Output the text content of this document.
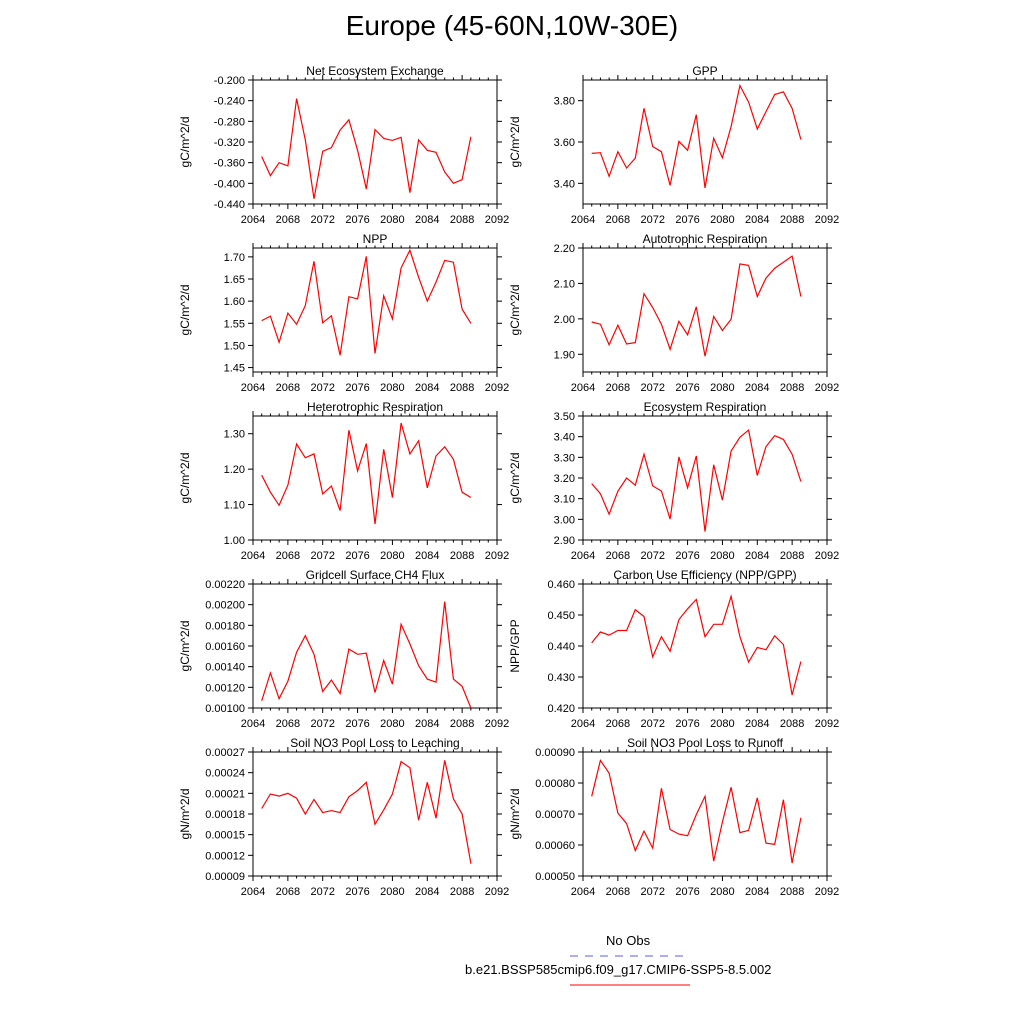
Europe (45-60N,10W-30E)
Net Ecosystem Exchange
-0.440
-0.400
-0.360
-0.320
-0.280
-0.240
-0.200
2064 2068 2072 2076 2080 2084 2088 2092
gC/m^2/d
GPP
3.40
3.60
3.80
2064 2068 2072 2076 2080 2084 2088 2092
gC/m^2/d
NPP
1.45
1.50
1.55
1.60
1.65
1.70
2064 2068 2072 2076 2080 2084 2088 2092
gC/m^2/d
Autotrophic Respiration
1.90
2.00
2.10
2.20
2064 2068 2072 2076 2080 2084 2088 2092
gC/m^2/d
Heterotrophic Respiration
1.00
1.10
1.20
1.30
2064 2068 2072 2076 2080 2084 2088 2092
gC/m^2/d
Ecosystem Respiration
2.90
3.00
3.10
3.20
3.30
3.40
3.50
2064 2068 2072 2076 2080 2084 2088 2092
gC/m^2/d
Gridcell Surface CH4 Flux
0.00100
0.00120
0.00140
0.00160
0.00180
0.00200
0.00220
2064 2068 2072 2076 2080 2084 2088 2092
gC/m^2/d
Carbon Use Efficiency (NPP/GPP)
0.420
0.430
0.440
0.450
0.460
2064 2068 2072 2076 2080 2084 2088 2092
NPP/GPP
Soil NO3 Pool Loss to Leaching
0.00009
0.00012
0.00015
0.00018
0.00021
0.00024
0.00027
2064 2068 2072 2076 2080 2084 2088 2092
gN/m^2/d
Soil NO3 Pool Loss to Runoff
0.00050
0.00060
0.00070
0.00080
0.00090
2064 2068 2072 2076 2080 2084 2088 2092
gN/m^2/d
No Obs
b.e21.BSSP585cmip6.f09_g17.CMIP6-SSP5-8.5.002
